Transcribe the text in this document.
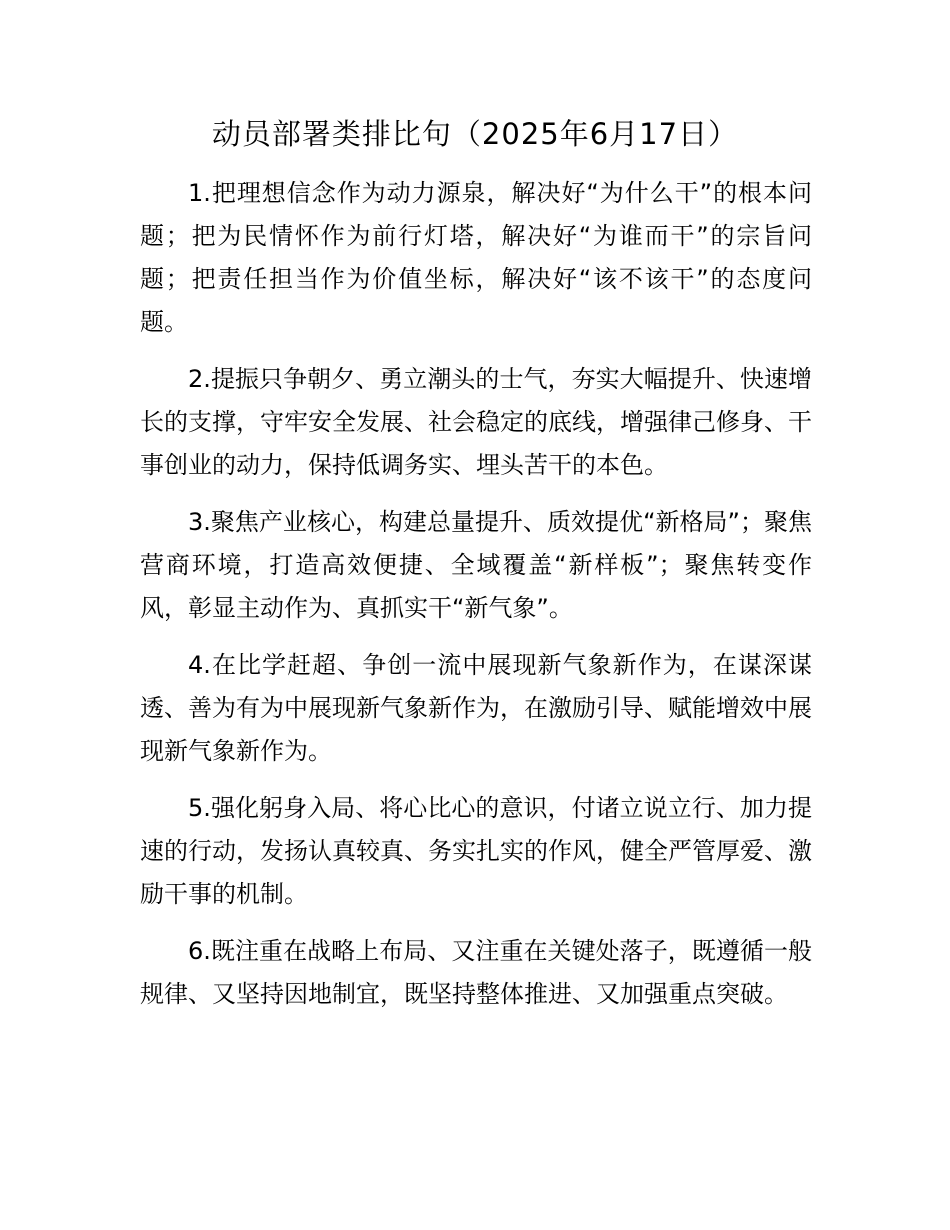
动员部署类排比句（2025年6月17日）

1.把理想信念作为动力源泉，解决好“为什么干”的根本问题；把为民情怀作为前行灯塔，解决好“为谁而干”的宗旨问题；把责任担当作为价值坐标，解决好“该不该干”的态度问题。

2.提振只争朝夕、勇立潮头的士气，夯实大幅提升、快速增长的支撑，守牢安全发展、社会稳定的底线，增强律己修身、干事创业的动力，保持低调务实、埋头苦干的本色。

3.聚焦产业核心，构建总量提升、质效提优“新格局”；聚焦营商环境，打造高效便捷、全域覆盖“新样板”；聚焦转变作风，彰显主动作为、真抓实干“新气象”。

4.在比学赶超、争创一流中展现新气象新作为，在谋深谋透、善为有为中展现新气象新作为，在激励引导、赋能增效中展现新气象新作为。

5.强化躬身入局、将心比心的意识，付诸立说立行、加力提速的行动，发扬认真较真、务实扎实的作风，健全严管厚爱、激励干事的机制。

6.既注重在战略上布局、又注重在关键处落子，既遵循一般规律、又坚持因地制宜，既坚持整体推进、又加强重点突破。
